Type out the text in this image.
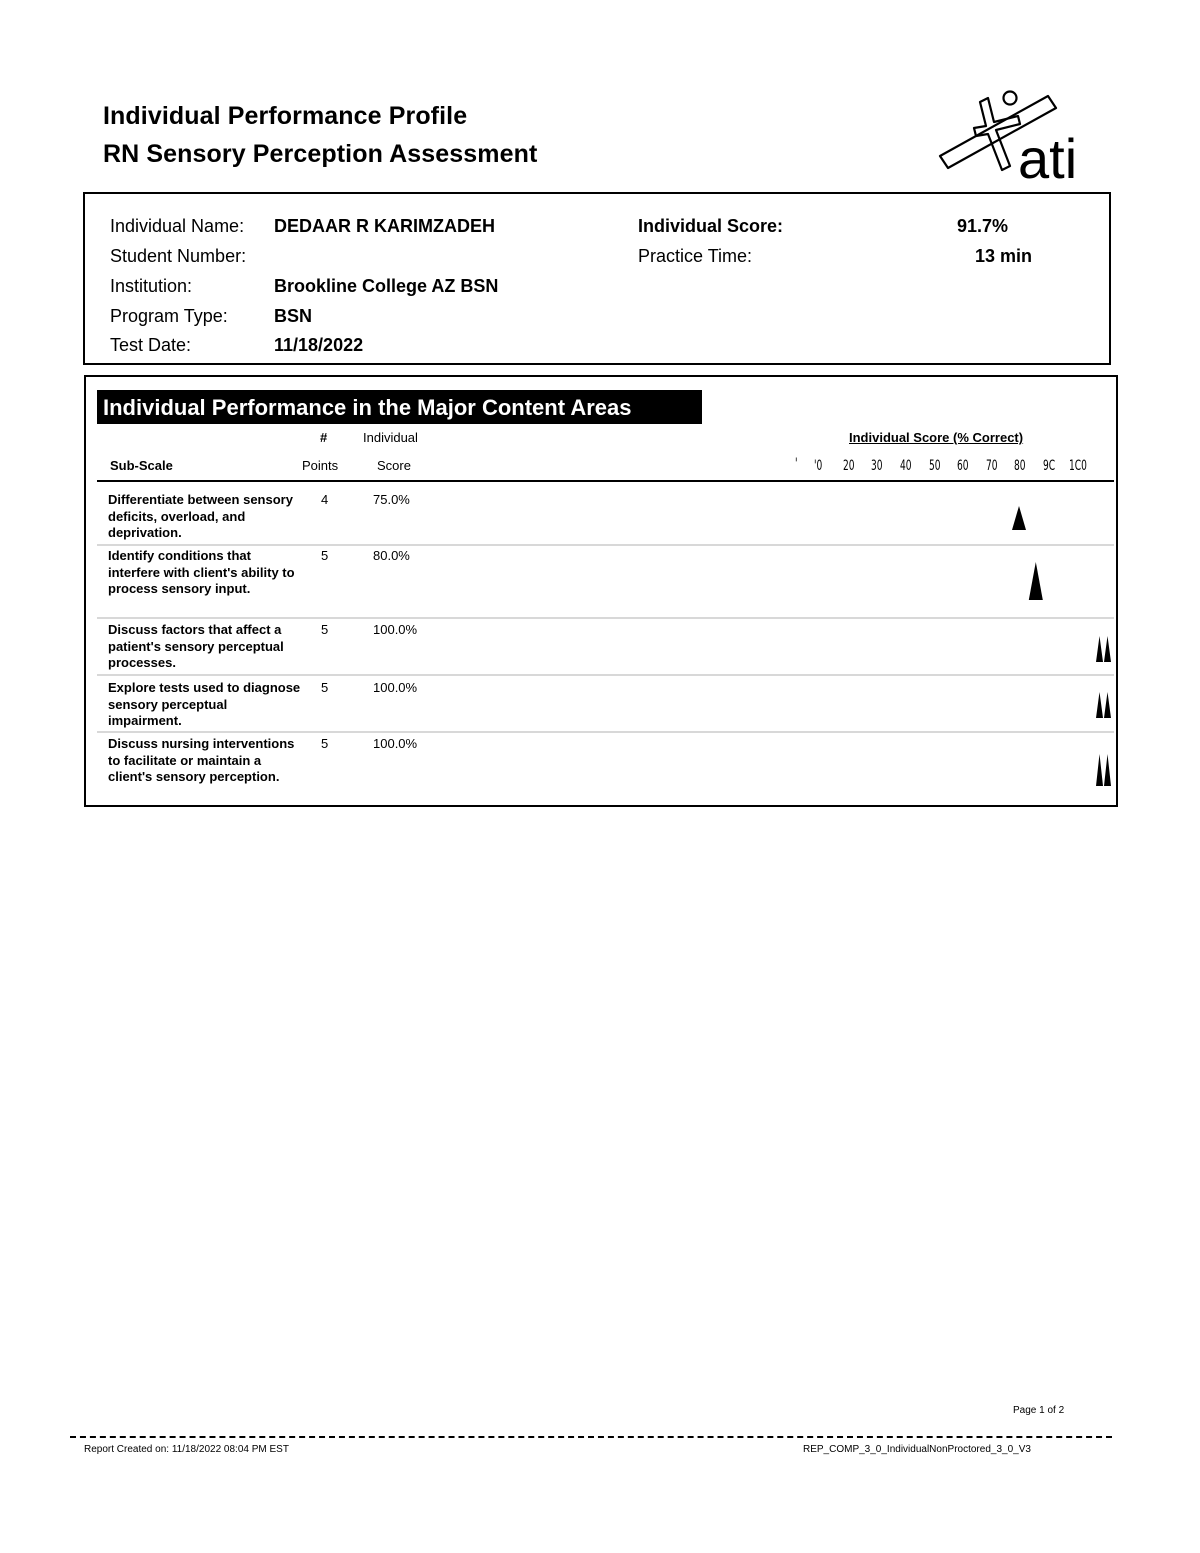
Individual Performance Profile
RN Sensory Perception Assessment	ati
Individual Name: DEDAAR R KARIMZADEH
Student Number:
Institution:	Brookline College AZ BSN
Program Type:	BSN
Test Date:	11/18/2022
Individual Score:	91.7%
Practice Time:	13 min
Individual Performance in the Major Content Areas
#	Individual	Individual Score (% Correct)
Sub-Scale	Points	Score
Differentiate between sensory deficits, overload, and deprivation.
4	75.0%
Identify conditions that interfere with client's ability to process sensory input.
5	80.0%
Discuss factors that affect a patient's sensory perceptual processes.
5	100.0%
Explore tests used to diagnose sensory perceptual impairment.
5	100.0%
Discuss nursing interventions to facilitate or maintain a client's sensory perception.
5	100.0%
' '0 20 30 40 50 60 70 80 9C 1C0
Page 1 of 2
Report Created on: 11/18/2022 08:04 PM EST	REP_COMP_3_0_IndividualNonProctored_3_0_V3
